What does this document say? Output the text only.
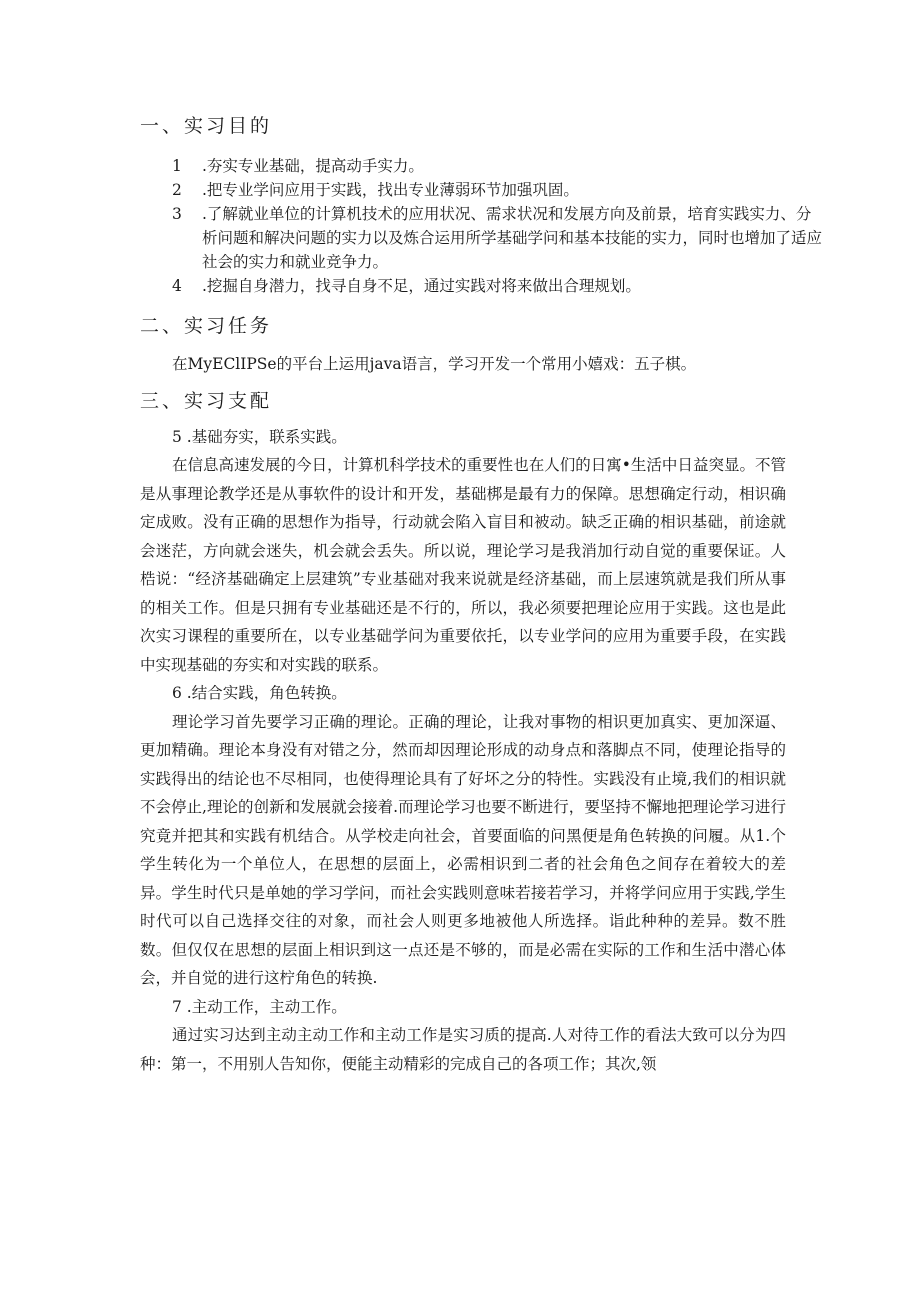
一、实习目的
1	.夯实专业基础，提高动手实力。
2	.把专业学问应用于实践，找出专业薄弱环节加强巩固。
3	.了解就业单位的计算机技术的应用状况、需求状况和发展方向及前景，培育实践实力、分析问题和解决问题的实力以及炼合运用所学基础学问和基本技能的实力，同时也增加了适应社会的实力和就业竞争力。
4	.挖掘自身潜力，找寻自身不足，通过实践对将来做出合理规划。
二、实习任务

在MyEClIPSe的平台上运用java语言，学习开发一个常用小嬉戏：五子棋。

三、实习支配

5 .基础夯实，联系实践。

在信息高速发展的今日，计算机科学技术的重要性也在人们的日寓•生活中日益突显。不管是从事理论教学还是从事软件的设计和开发，基础梆是最有力的保障。思想确定行动，相识确定成败。没有正确的思想作为指导，行动就会陷入盲目和被动。缺乏正确的相识基础，前途就会迷茫，方向就会迷失，机会就会丢失。所以说，理论学习是我消加行动自觉的重要保证。人梏说：“经济基础确定上层建筑”专业基础对我来说就是经济基础，而上层速筑就是我们所从事的相关工作。但是只拥有专业基础还是不行的，所以，我必须要把理论应用于实践。这也是此次实习课程的重要所在，以专业基础学问为重要依托，以专业学问的应用为重要手段，在实践中实现基础的夯实和对实践的联系。

6 .结合实践，角色转换。

理论学习首先要学习正确的理论。正确的理论，让我对事物的相识更加真实、更加深逼、更加精确。理论本身没有对错之分，然而却因理论形成的动身点和落脚点不同，使理论指导的实践得出的结论也不尽相同，也使得理论具有了好坏之分的特性。实践没有止境,我们的相识就不会停止,理论的创新和发展就会接着.而理论学习也要不断进行，要坚持不懈地把理论学习进行究竟并把其和实践有机结合。从学校走向社会，首要面临的问黑便是角色转换的问履。从1.个学生转化为一个单位人，在思想的层面上，必需相识到二者的社会角色之间存在着较大的差异。学生时代只是单她的学习学问，而社会实践则意味若接若学习，并将学问应用于实践,学生时代可以自己选择交往的对象，而社会人则更多地被他人所选择。诣此种种的差异。数不胜数。但仅仅在思想的层面上相识到这一点还是不够的，而是必需在实际的工作和生活中潜心体会，并自觉的进行这柠角色的转换.

7 .主动工作，主动工作。

通过实习达到主动主动工作和主动工作是实习质的提高.人对待工作的看法大致可以分为四种：第一，不用别人告知你，便能主动精彩的完成自己的各项工作；其次,领
